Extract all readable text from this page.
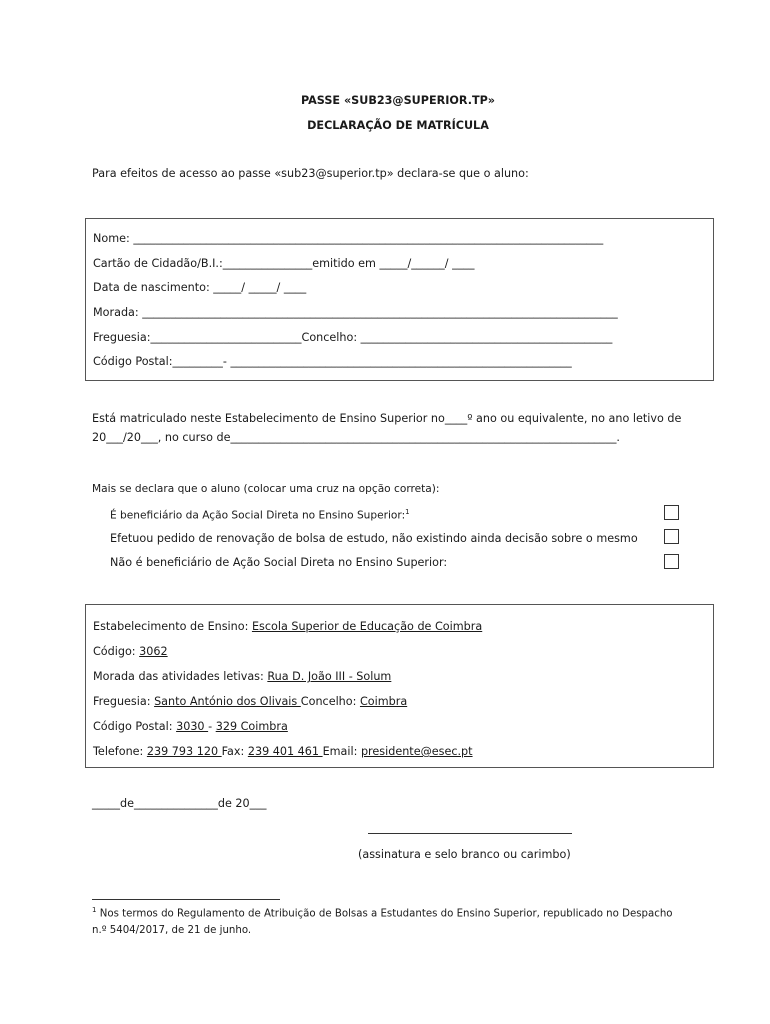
PASSE «SUB23@SUPERIOR.TP»
DECLARAÇÃO DE MATRÍCULA
Para efeitos de acesso ao passe «sub23@superior.tp» declara-se que o aluno:
Nome: ____________________________________________________________________________________
Cartão de Cidadão/B.I.:________________emitido em _____/______/ ____
Data de nascimento: _____/ _____/ ____
Morada: _____________________________________________________________________________________
Freguesia:___________________________Concelho: _____________________________________________
Código Postal:_________- _____________________________________________________________
Está matriculado neste Estabelecimento de Ensino Superior no____º ano ou equivalente, no ano letivo de
20___/20___, no curso de_____________________________________________________________________.
Mais se declara que o aluno (colocar uma cruz na opção correta):
É beneficiário da Ação Social Direta no Ensino Superior:$^1$
Efetuou pedido de renovação de bolsa de estudo, não existindo ainda decisão sobre o mesmo
Não é beneficiário de Ação Social Direta no Ensino Superior:
Estabelecimento de Ensino: Escola Superior de Educação de Coimbra
Código: 3062
Morada das atividades letivas: Rua D. João III - Solum
Freguesia: Santo António dos Olivais Concelho: Coimbra
Código Postal: 3030 - 329 Coimbra
Telefone: 239 793 120 Fax: 239 401 461 Email: presidente@esec.pt
_____de_______________de 20___
(assinatura e selo branco ou carimbo)
$^1$ Nos termos do Regulamento de Atribuição de Bolsas a Estudantes do Ensino Superior, republicado no Despacho
n.º 5404/2017, de 21 de junho.
